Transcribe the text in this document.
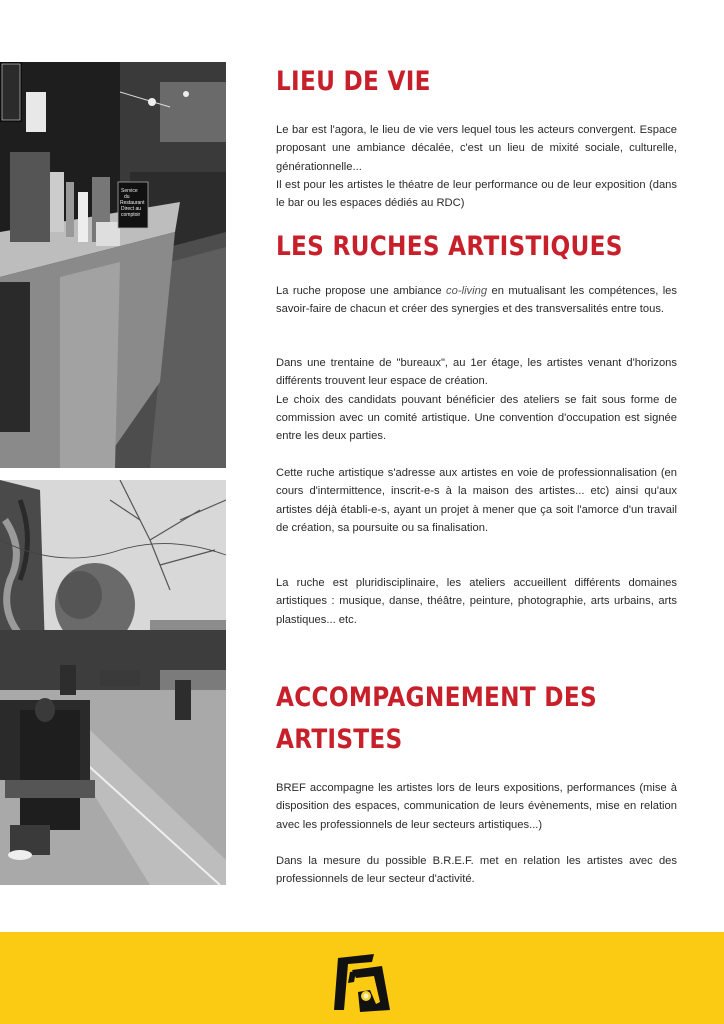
Service
du
Restaurant
Direct au
comptoir
LIEU DE VIE
Le bar est l'agora, le lieu de vie vers lequel tous les acteurs convergent. Espace proposant une ambiance décalée, c'est un lieu de mixité sociale, culturelle, générationnelle...
Il est pour les artistes le théatre de leur performance ou de leur exposition (dans le bar ou les espaces dédiés au RDC)
LES RUCHES ARTISTIQUES
La ruche propose une ambiance co-living en mutualisant les compétences, les savoir-faire de chacun et créer des synergies et des transversalités entre tous.
Dans une trentaine de "bureaux", au 1er étage, les artistes venant d'horizons différents trouvent leur espace de création.
Le choix des candidats pouvant bénéficier des ateliers se fait sous forme de commission avec un comité artistique. Une convention d'occupation est signée entre les deux parties.
Cette ruche artistique s'adresse aux artistes en voie de professionnalisation (en cours d'intermittence, inscrit-e-s à la maison des artistes... etc) ainsi qu'aux artistes déjà établi-e-s, ayant un projet à mener que ça soit l'amorce d'un travail de création, sa poursuite ou sa finalisation.
La ruche est pluridisciplinaire, les ateliers accueillent différents domaines artistiques : musique, danse, théâtre, peinture, photographie, arts urbains, arts plastiques... etc.
ACCOMPAGNEMENT DES
ARTISTES
BREF accompagne les artistes lors de leurs expositions, performances (mise à disposition des espaces, communication de leurs évènements, mise en relation avec les professionnels de leur secteurs artistiques...)
Dans la mesure du possible B.R.E.F. met en relation les artistes avec des professionnels de leur secteur d'activité.
